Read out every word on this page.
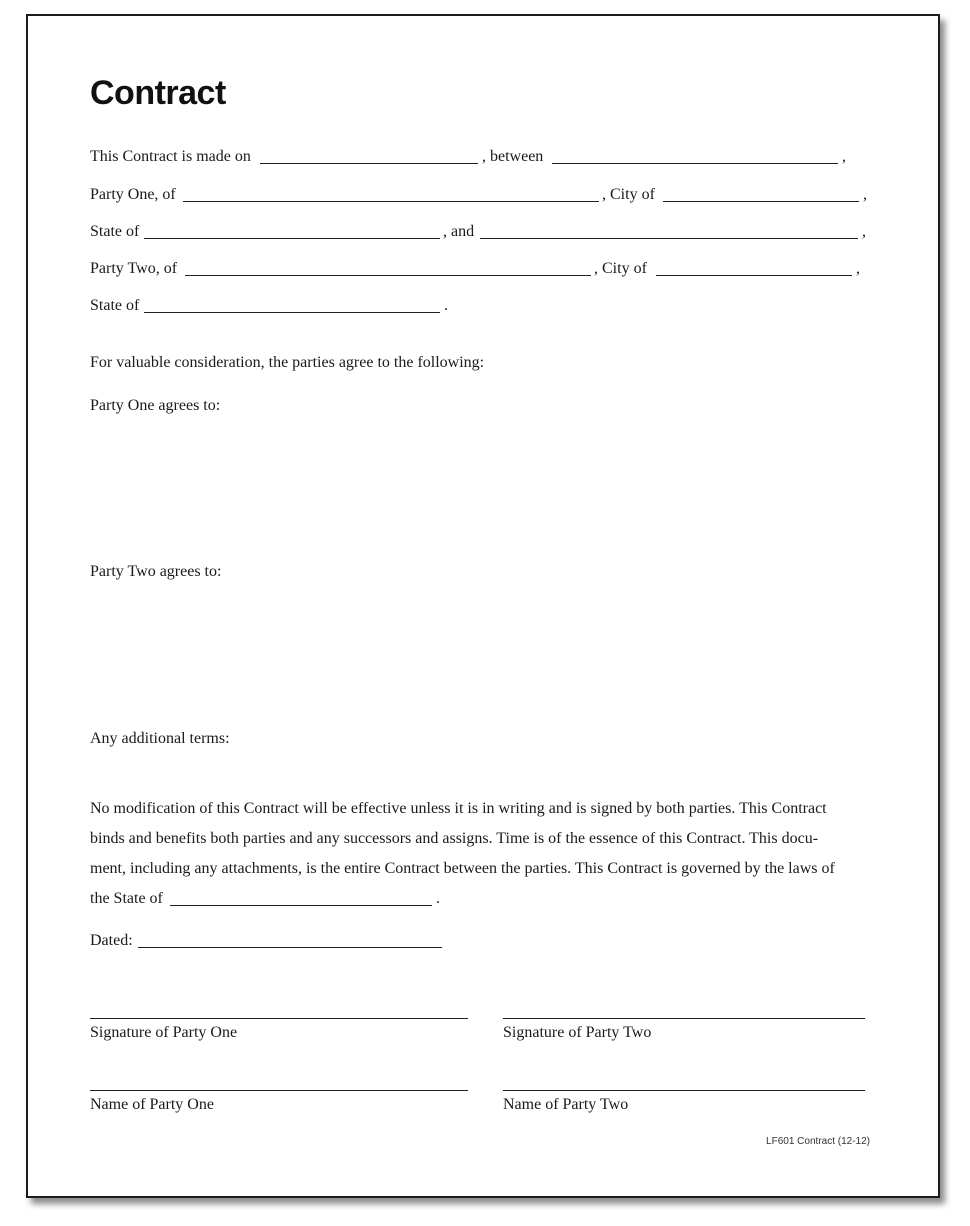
Contract
This Contract is made on	, between	,
Party One, of	, City of	,
State of	, and	,
Party Two, of	, City of	,
State of	.
For valuable consideration, the parties agree to the following:
Party One agrees to:
Party Two agrees to:
Any additional terms:
No modification of this Contract will be effective unless it is in writing and is signed by both parties. This Contract
binds and benefits both parties and any successors and assigns. Time is of the essence of this Contract. This docu-
ment, including any attachments, is the entire Contract between the parties. This Contract is governed by the laws of
the State of	.
Dated:
Signature of Party One	Signature of Party Two
Name of Party One	Name of Party Two
LF601 Contract (12-12)
